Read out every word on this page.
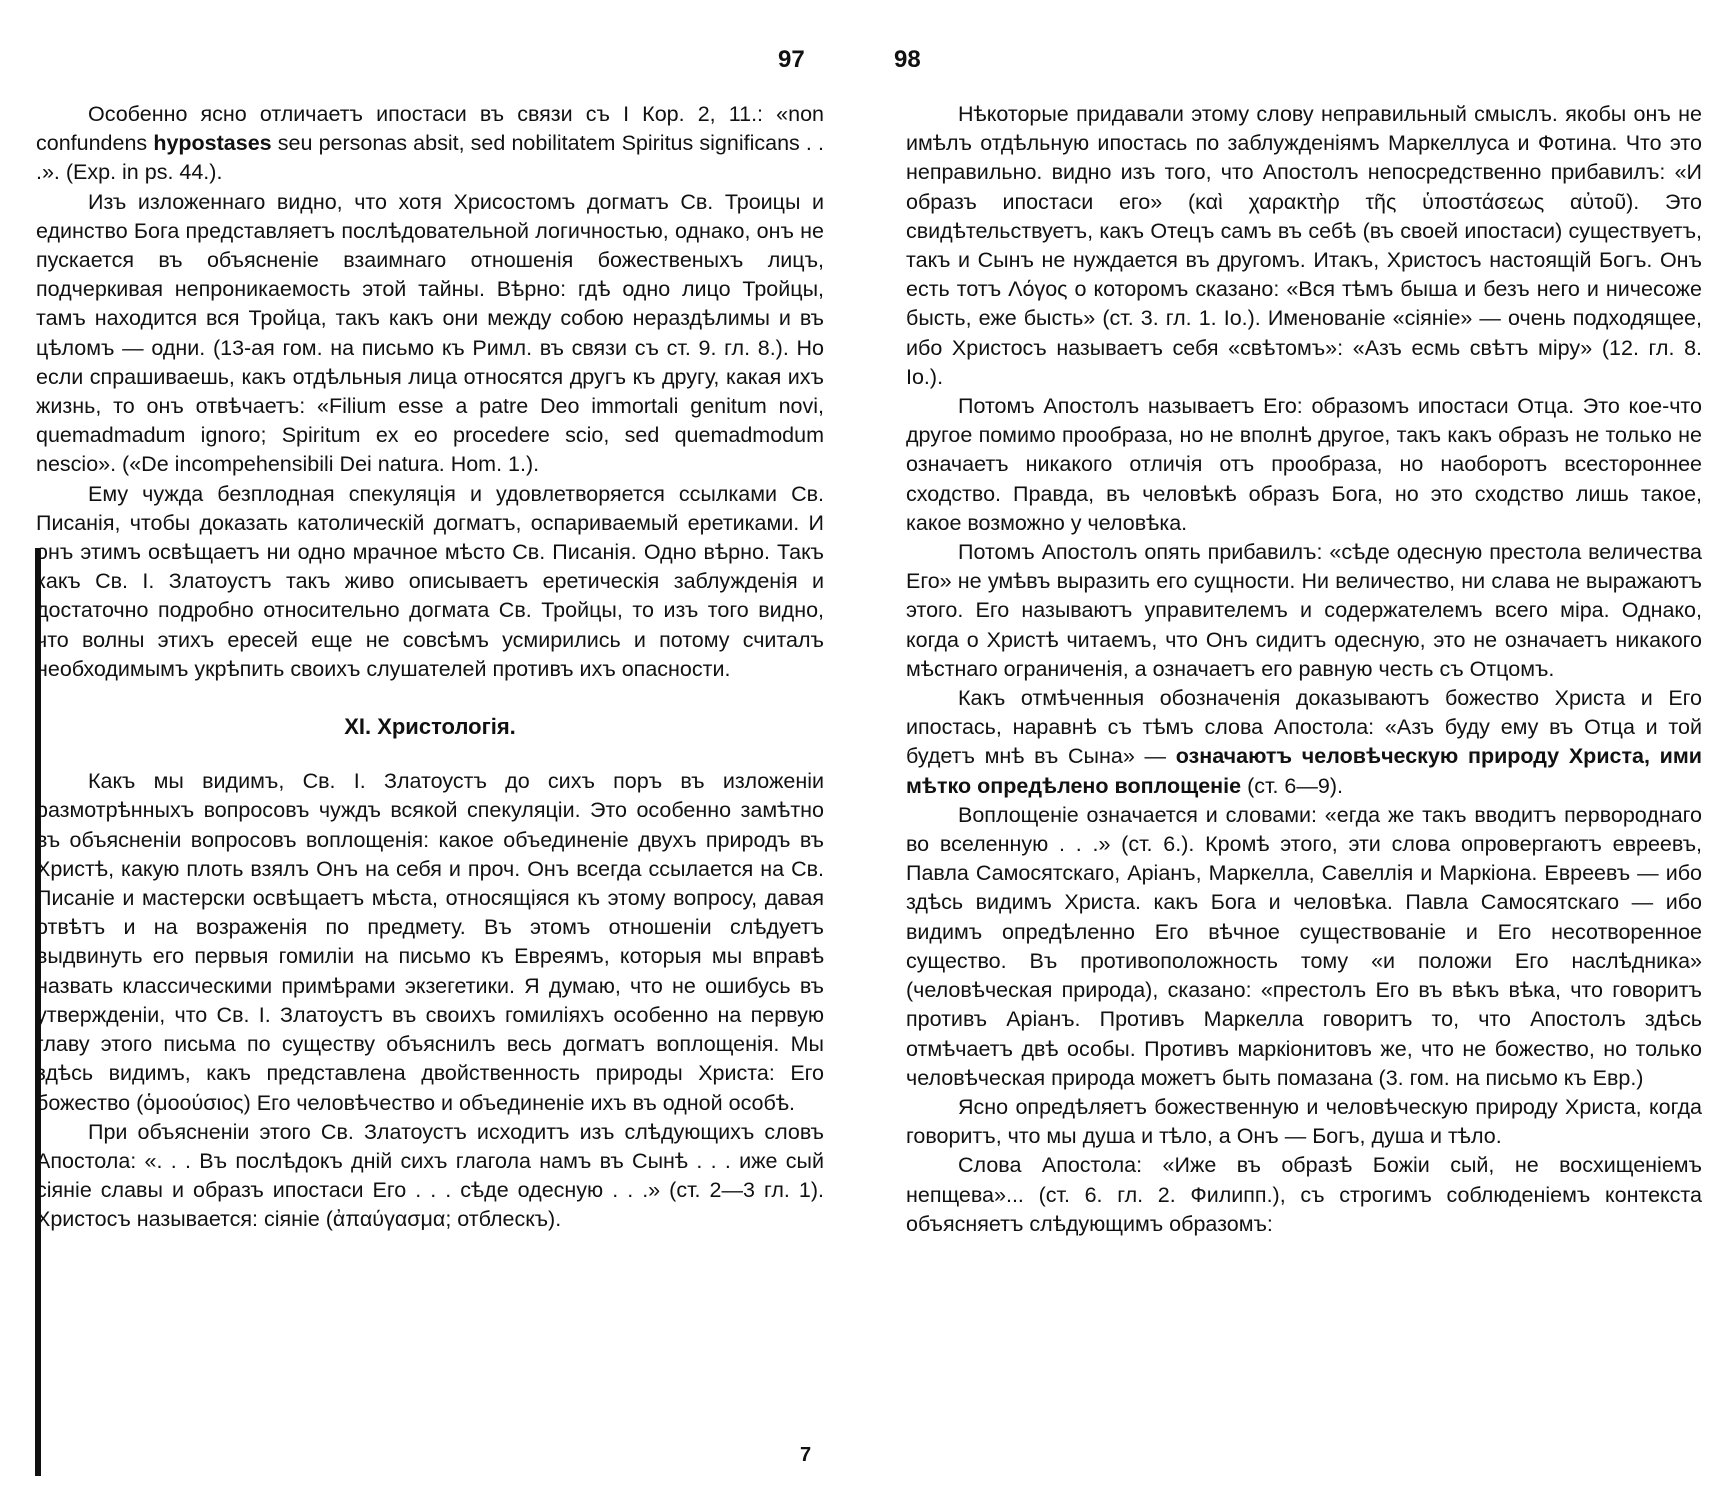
97	98

Особенно ясно отличаетъ ипостаси въ связи съ I Кор. 2, 11.: «non confundens hypostases seu personas absit, sed nobilitatem Spiritus significans . . .». (Exp. in ps. 44.).

Изъ изложеннаго видно, что хотя Хрисостомъ догматъ Св. Троицы и единство Бога представляетъ послѣдовательной логичностью, однако, онъ не пускается въ объясненiе взаимнаго отношенiя божественыхъ лицъ, подчеркивая непроникаемость этой тайны. Вѣрно: гдѣ одно лицо Тройцы, тамъ находится вся Тройца, такъ какъ они между собою нераздѣлимы и въ цѣломъ — одни. (13-ая гом. на письмо къ Римл. въ связи съ ст. 9. гл. 8.). Но если спрашиваешь, какъ отдѣльныя лица относятся другъ къ другу, какая ихъ жизнь, то онъ отвѣчаетъ: «Filium esse a patre Deo immortali genitum novi, quemadmadum ignoro; Spiritum ex eo procedere scio, sed quemadmodum nescio». («De incompehensibili Dei natura. Hom. 1.).

Ему чужда безплодная спекуляцiя и удовлетворяется ссылками Св. Писанiя, чтобы доказать католическiй догматъ, оспариваемый еретиками. И онъ этимъ освѣщаетъ ни одно мрачное мѣсто Св. Писанiя. Одно вѣрно. Такъ какъ Св. I. Златоустъ такъ живо описываетъ еретическiя заблужденiя и достаточно подробно относительно догмата Св. Тройцы, то изъ того видно, что волны этихъ ересей еще не совсѣмъ усмирились и потому считалъ необходимымъ укрѣпить своихъ слушателей противъ ихъ опасности.

XI. Христологія.

Какъ мы видимъ, Св. I. Златоустъ до сихъ поръ въ изложенiи размотрѣнныхъ вопросовъ чуждъ всякой спекуляцiи. Это особенно замѣтно въ объясненiи вопросовъ воплощенiя: какое объединенiе двухъ природъ въ Христѣ, какую плоть взялъ Онъ на себя и проч. Онъ всегда ссылается на Св. Писанiе и мастерски освѣщаетъ мѣста, относящiяся къ этому вопросу, давая отвѣтъ и на возраженiя по предмету. Въ этомъ отношенiи слѣдуетъ выдвинуть его первыя гомилiи на письмо къ Евреямъ, которыя мы вправѣ назвать классическими примѣрами экзегетики. Я думаю, что не ошибусь въ утвержденiи, что Св. I. Златоустъ въ своихъ гомилiяхъ особенно на первую главу этого письма по существу объяснилъ весь догматъ воплощенiя. Мы здѣсь видимъ, какъ представлена двойственность природы Христа: Его божество (ὁμοούσιος) Его человѣчество и объединенiе ихъ въ одной особѣ.

При объясненiи этого Св. Златоустъ исходитъ изъ слѣдующихъ словъ Апостола: «. . . Въ послѣдокъ днiй сихъ глагола намъ въ Сынѣ . . . иже сый сiянiе славы и образъ ипостаси Его . . . сѣде одесную . . .» (ст. 2—3 гл. 1). Христосъ называется: сiянiе (ἀπαύγασμα; отблескъ).

7

Нѣкоторые придавали этому слову неправильный смыслъ. якобы онъ не имѣлъ отдѣльную ипостась по заблужденiямъ Маркеллуса и Фотина. Что это неправильно. видно изъ того, что Апостолъ непосредственно прибавилъ: «И образъ ипостаси его» (καὶ χαρακτὴρ τῆς ὑποστάσεως αὐτοῦ). Это свидѣтельствуетъ, какъ Отецъ самъ въ себѣ (въ своей ипостаси) существуетъ, такъ и Сынъ не нуждается въ другомъ. Итакъ, Христосъ настоящiй Богъ. Онъ есть тотъ Λόγος о которомъ сказано: «Вся тѣмъ быша и безъ него и ничесоже бысть, еже бысть» (ст. 3. гл. 1. Io.). Именованiе «сiянiе» — очень подходящее, ибо Христосъ называетъ себя «свѣтомъ»: «Азъ есмь свѣтъ мiру» (12. гл. 8. Io.).

Потомъ Апостолъ называетъ Его: образомъ ипостаси Отца. Это кое-что другое помимо прообраза, но не вполнѣ другое, такъ какъ образъ не только не означаетъ никакого отличiя отъ прообраза, но наоборотъ всестороннее сходство. Правда, въ человѣкѣ образъ Бога, но это сходство лишь такое, какое возможно у человѣка.

Потомъ Апостолъ опять прибавилъ: «сѣде одесную престола величества Его» не умѣвъ выразить его сущности. Ни величество, ни слава не выражаютъ этого. Его называютъ управителемъ и содержателемъ всего мiра. Однако, когда о Христѣ читаемъ, что Онъ сидитъ одесную, это не означаетъ никакого мѣстнаго ограниченiя, а означаетъ его равную честь съ Отцомъ.

Какъ отмѣченныя обозначенiя доказываютъ божество Христа и Его ипостась, наравнѣ съ тѣмъ слова Апостола: «Азъ буду ему въ Отца и той будетъ мнѣ въ Сына» — означаютъ человѣческую природу Христа, ими мѣтко опредѣлено воплощенiе (ст. 6—9).

Воплощенiе означается и словами: «егда же такъ вводитъ первороднаго во вселенную . . .» (ст. 6.). Кромѣ этого, эти слова опровергаютъ евреевъ, Павла Самосятскаго, Арiанъ, Маркелла, Савеллiя и Маркiона. Евреевъ — ибо здѣсь видимъ Христа. какъ Бога и человѣка. Павла Самосятскаго — ибо видимъ опредѣленно Его вѣчное существованiе и Его несотворенное существо. Въ противоположность тому «и положи Его наслѣдника» (человѣческая природа), сказано: «престолъ Его въ вѣкъ вѣка, что говоритъ противъ Арiанъ. Противъ Маркелла говоритъ то, что Апостолъ здѣсь отмѣчаетъ двѣ особы. Противъ маркiонитовъ же, что не божество, но только человѣческая природа можетъ быть помазана (3. гом. на письмо къ Евр.)

Ясно опредѣляетъ божественную и человѣческую природу Христа, когда говоритъ, что мы душа и тѣло, а Онъ — Богъ, душа и тѣло.

Слова Апостола: «Иже въ образѣ Божiи сый, не восхищенiемъ непщева»... (ст. 6. гл. 2. Филипп.), съ строгимъ соблюденiемъ контекста объясняетъ слѣдующимъ образомъ:
